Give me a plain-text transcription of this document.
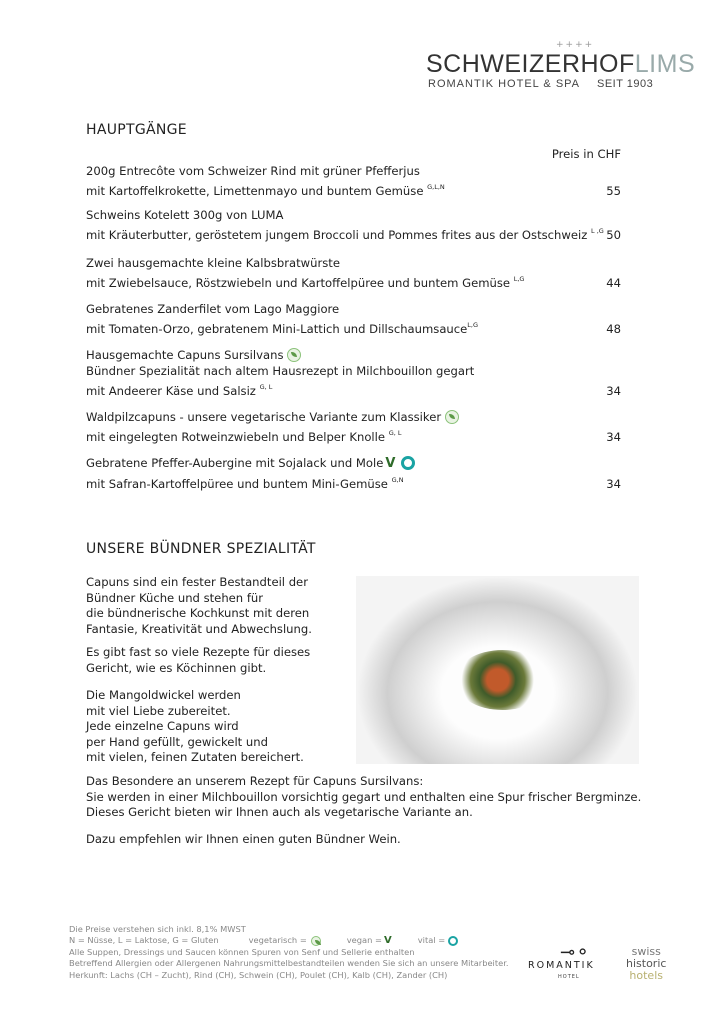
++++
SCHWEIZERHOFLIMS
ROMANTIK HOTEL & SPA SEIT 1903
HAUPTGÄNGE
Preis in CHF
200g Entrecôte vom Schweizer Rind mit grüner Pfefferjus
mit Kartoffelkrokette, Limettenmayo und buntem Gemüse $^{G,L,N}$	55
Schweins Kotelett 300g von LUMA
mit Kräuterbutter, geröstetem jungem Broccoli und Pommes frites aus der Ostschweiz $^{L ,G}$ 50
Zwei hausgemachte kleine Kalbsbratwürste
mit Zwiebelsauce, Röstzwiebeln und Kartoffelpüree und buntem Gemüse $^{L,G}$	44
Gebratenes Zanderfilet vom Lago Maggiore
mit Tomaten-Orzo, gebratenem Mini-Lattich und Dillschaumsauce$^{L,G}$	48
Hausgemachte Capuns Sursilvans
Bündner Spezialität nach altem Hausrezept in Milchbouillon gegart
mit Andeerer Käse und Salsiz $^{G, L}$	34
Waldpilzcapuns - unsere vegetarische Variante zum Klassiker
mit eingelegten Rotweinzwiebeln und Belper Knolle $^{G, L}$	34
Gebratene Pfeffer-Aubergine mit Sojalack und Mole V
mit Safran-Kartoffelpüree und buntem Mini-Gemüse $^{G,N}$	34
UNSERE BÜNDNER SPEZIALITÄT
Capuns sind ein fester Bestandteil der
Bündner Küche und stehen für
die bündnerische Kochkunst mit deren
Fantasie, Kreativität und Abwechslung.
Es gibt fast so viele Rezepte für dieses
Gericht, wie es Köchinnen gibt.
Die Mangoldwickel werden
mit viel Liebe zubereitet.
Jede einzelne Capuns wird
per Hand gefüllt, gewickelt und
mit vielen, feinen Zutaten bereichert.
Das Besondere an unserem Rezept für Capuns Sursilvans:
Sie werden in einer Milchbouillon vorsichtig gegart und enthalten eine Spur frischer Bergminze.
Dieses Gericht bieten wir Ihnen auch als vegetarische Variante an.
Dazu empfehlen wir Ihnen einen guten Bündner Wein.
Die Preise verstehen sich inkl. 8,1% MWST
N = Nüsse, L = Laktose, G = Gluten	vegetarisch =	vegan = V	vital =
Alle Suppen, Dressings und Saucen können Spuren von Senf und Sellerie enthalten
Betreffend Allergien oder Allergenen Nahrungsmittelbestandteilen wenden Sie sich an unsere Mitarbeiter.
Herkunft: Lachs (CH – Zucht), Rind (CH), Schwein (CH), Poulet (CH), Kalb (CH), Zander (CH)
⊸⚬
ROMANTIK
HOTEL
swiss
historic
hotels
